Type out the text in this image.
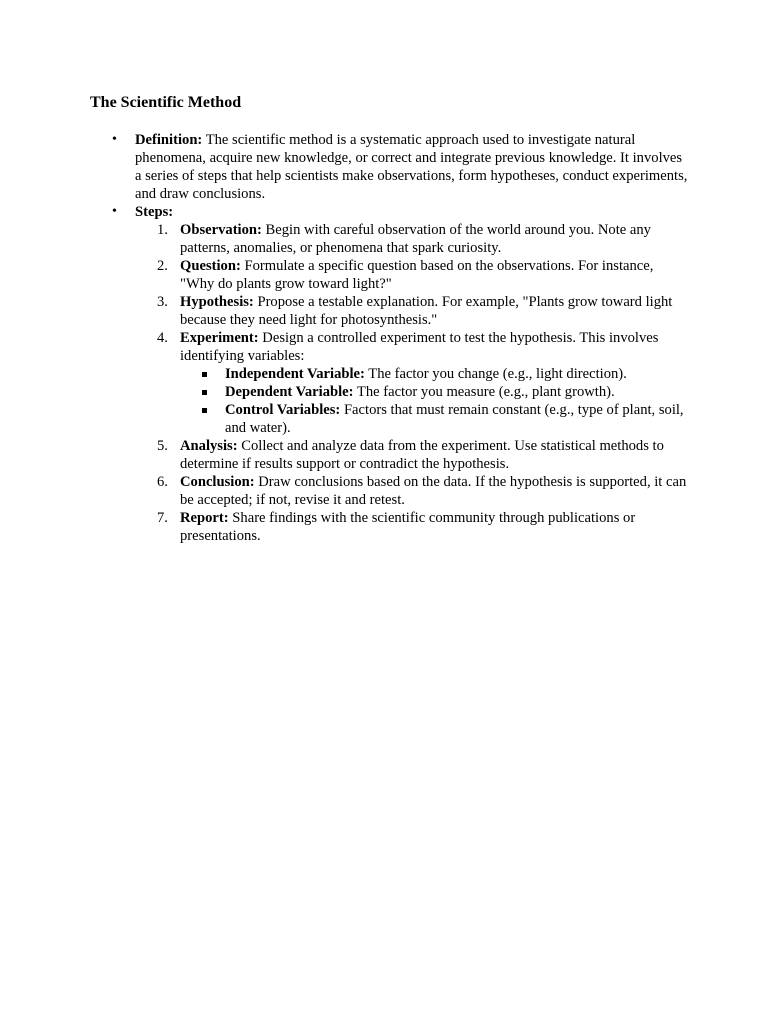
The Scientific Method
• Definition: The scientific method is a systematic approach used to investigate natural phenomena, acquire new knowledge, or correct and integrate previous knowledge. It involves a series of steps that help scientists make observations, form hypotheses, conduct experiments, and draw conclusions.
• Steps:
1. Observation: Begin with careful observation of the world around you. Note any patterns, anomalies, or phenomena that spark curiosity.
2. Question: Formulate a specific question based on the observations. For instance, "Why do plants grow toward light?"
3. Hypothesis: Propose a testable explanation. For example, "Plants grow toward light because they need light for photosynthesis."
4. Experiment: Design a controlled experiment to test the hypothesis. This involves identifying variables:
Independent Variable: The factor you change (e.g., light direction).
Dependent Variable: The factor you measure (e.g., plant growth).
Control Variables: Factors that must remain constant (e.g., type of plant, soil, and water).
5. Analysis: Collect and analyze data from the experiment. Use statistical methods to determine if results support or contradict the hypothesis.
6. Conclusion: Draw conclusions based on the data. If the hypothesis is supported, it can be accepted; if not, revise it and retest.
7. Report: Share findings with the scientific community through publications or presentations.
